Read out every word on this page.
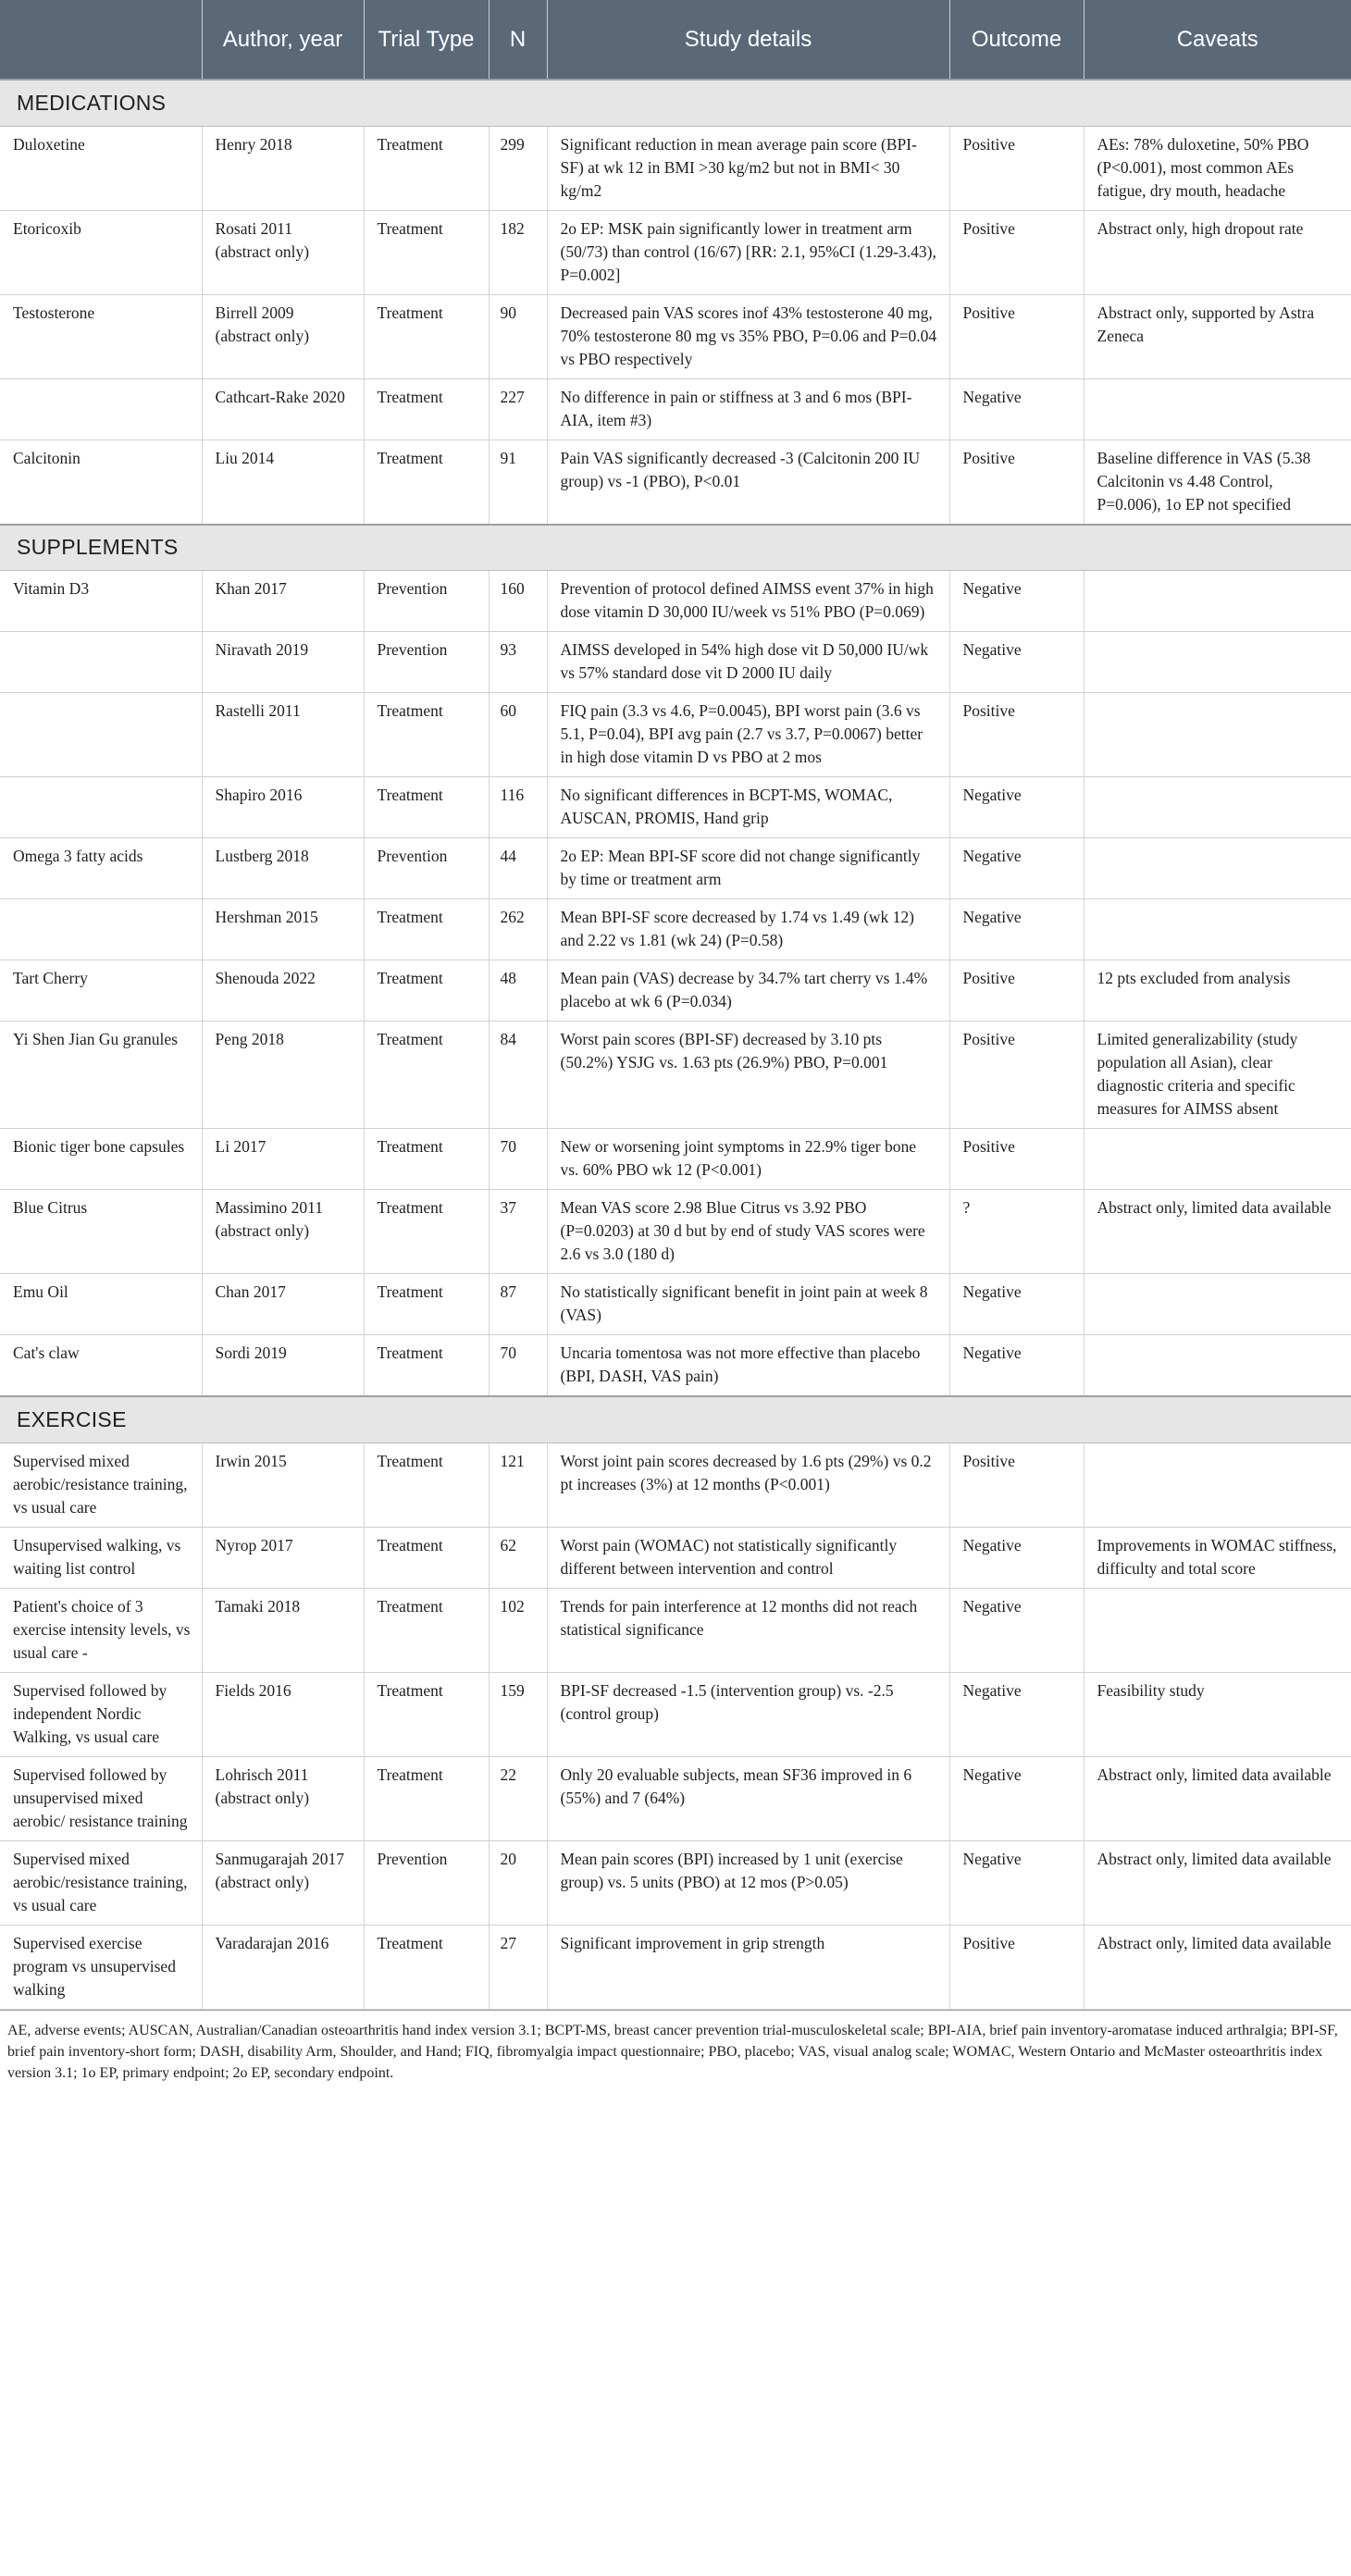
	Author, year	Trial Type	N	Study details	Outcome	Caveats
MEDICATIONS						
Duloxetine	Henry 2018	Treatment	299	Significant reduction in mean average pain score (BPI-SF) at wk 12 in BMI >30 kg/m2 but not in BMI< 30 kg/m2	Positive	AEs: 78% duloxetine, 50% PBO (P<0.001), most common AEs fatigue, dry mouth, headache
Etoricoxib	Rosati 2011 (abstract only)	Treatment	182	2o EP: MSK pain significantly lower in treatment arm (50/73) than control (16/67) [RR: 2.1, 95%CI (1.29-3.43), P=0.002]	Positive	Abstract only, high dropout rate
Testosterone	Birrell 2009 (abstract only)	Treatment	90	Decreased pain VAS scores inof 43% testosterone 40 mg, 70% testosterone 80 mg vs 35% PBO, P=0.06 and P=0.04 vs PBO respectively	Positive	Abstract only, supported by Astra Zeneca
	Cathcart-Rake 2020	Treatment	227	No difference in pain or stiffness at 3 and 6 mos (BPI-AIA, item #3)	Negative	
Calcitonin	Liu 2014	Treatment	91	Pain VAS significantly decreased -3 (Calcitonin 200 IU group) vs -1 (PBO), P<0.01	Positive	Baseline difference in VAS (5.38 Calcitonin vs 4.48 Control, P=0.006), 1o EP not specified
SUPPLEMENTS						
Vitamin D3	Khan 2017	Prevention	160	Prevention of protocol defined AIMSS event 37% in high dose vitamin D 30,000 IU/week vs 51% PBO (P=0.069)	Negative	
	Niravath 2019	Prevention	93	AIMSS developed in 54% high dose vit D 50,000 IU/wk vs 57% standard dose vit D 2000 IU daily	Negative	
	Rastelli 2011	Treatment	60	FIQ pain (3.3 vs 4.6, P=0.0045), BPI worst pain (3.6 vs 5.1, P=0.04), BPI avg pain (2.7 vs 3.7, P=0.0067) better in high dose vitamin D vs PBO at 2 mos	Positive	
	Shapiro 2016	Treatment	116	No significant differences in BCPT-MS, WOMAC, AUSCAN, PROMIS, Hand grip	Negative	
Omega 3 fatty acids	Lustberg 2018	Prevention	44	2o EP: Mean BPI-SF score did not change significantly by time or treatment arm	Negative	
	Hershman 2015	Treatment	262	Mean BPI-SF score decreased by 1.74 vs 1.49 (wk 12) and 2.22 vs 1.81 (wk 24) (P=0.58)	Negative	
Tart Cherry	Shenouda 2022	Treatment	48	Mean pain (VAS) decrease by 34.7% tart cherry vs 1.4% placebo at wk 6 (P=0.034)	Positive	12 pts excluded from analysis
Yi Shen Jian Gu granules	Peng 2018	Treatment	84	Worst pain scores (BPI-SF) decreased by 3.10 pts (50.2%) YSJG vs. 1.63 pts (26.9%) PBO, P=0.001	Positive	Limited generalizability (study population all Asian), clear diagnostic criteria and specific measures for AIMSS absent
Bionic tiger bone capsules	Li 2017	Treatment	70	New or worsening joint symptoms in 22.9% tiger bone vs. 60% PBO wk 12 (P<0.001)	Positive	
Blue Citrus	Massimino 2011 (abstract only)	Treatment	37	Mean VAS score 2.98 Blue Citrus vs 3.92 PBO (P=0.0203) at 30 d but by end of study VAS scores were 2.6 vs 3.0 (180 d)	?	Abstract only, limited data available
Emu Oil	Chan 2017	Treatment	87	No statistically significant benefit in joint pain at week 8 (VAS)	Negative	
Cat's claw	Sordi 2019	Treatment	70	Uncaria tomentosa was not more effective than placebo (BPI, DASH, VAS pain)	Negative	
EXERCISE						
Supervised mixed aerobic/resistance training, vs usual care	Irwin 2015	Treatment	121	Worst joint pain scores decreased by 1.6 pts (29%) vs 0.2 pt increases (3%) at 12 months (P<0.001)	Positive	
Unsupervised walking, vs waiting list control	Nyrop 2017	Treatment	62	Worst pain (WOMAC) not statistically significantly different between intervention and control	Negative	Improvements in WOMAC stiffness, difficulty and total score
Patient's choice of 3 exercise intensity levels, vs usual care -	Tamaki 2018	Treatment	102	Trends for pain interference at 12 months did not reach statistical significance	Negative	
Supervised followed by independent Nordic Walking, vs usual care	Fields 2016	Treatment	159	BPI-SF decreased -1.5 (intervention group) vs. -2.5 (control group)	Negative	Feasibility study
Supervised followed by unsupervised mixed aerobic/ resistance training	Lohrisch 2011 (abstract only)	Treatment	22	Only 20 evaluable subjects, mean SF36 improved in 6 (55%) and 7 (64%)	Negative	Abstract only, limited data available
Supervised mixed aerobic/resistance training, vs usual care	Sanmugarajah 2017 (abstract only)	Prevention	20	Mean pain scores (BPI) increased by 1 unit (exercise group) vs. 5 units (PBO) at 12 mos (P>0.05)	Negative	Abstract only, limited data available
Supervised exercise program vs unsupervised walking	Varadarajan 2016	Treatment	27	Significant improvement in grip strength	Positive	Abstract only, limited data available
AE, adverse events; AUSCAN, Australian/Canadian osteoarthritis hand index version 3.1; BCPT-MS, breast cancer prevention trial-musculoskeletal scale; BPI-AIA, brief pain inventory-aromatase induced arthralgia; BPI-SF, brief pain inventory-short form; DASH, disability Arm, Shoulder, and Hand; FIQ, fibromyalgia impact questionnaire; PBO, placebo; VAS, visual analog scale; WOMAC, Western Ontario and McMaster osteoarthritis index version 3.1; 1o EP, primary endpoint; 2o EP, secondary endpoint.
